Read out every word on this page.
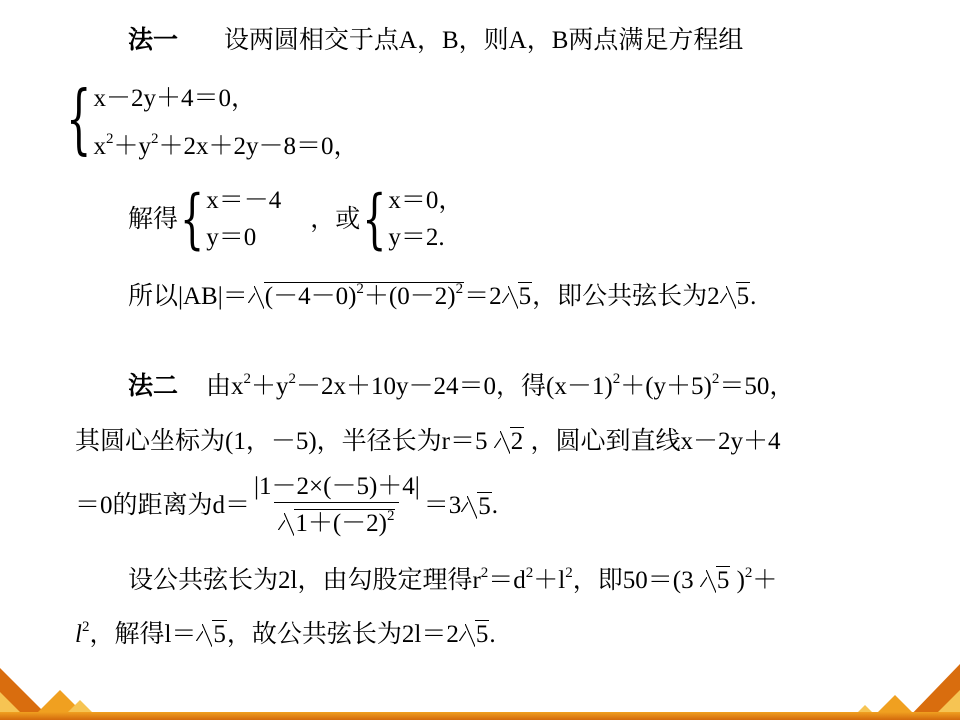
法一 设两圆相交于点A，B，则A，B两点满足方程组
{ x－2y＋4＝0，
$x^2+y^2+2x+2y-8=0$，
解得 { x＝－4
y＝0
，或 { x＝0，
y＝2.
所以$|AB|= (-4-0)^2+(0-2)^2=2$ 5，即公共弦长为2 5.
法二 由$x^2+y^2-2x+10y-24=0$，得$(x-1)^2+(y+5)^2=50$，
其圆心坐标为(1，－5)，半径长为r＝5 2 ，圆心到直线x－2y＋4
＝0的距离为$d= \frac{|1-2\times(-5)+4|}{1+(-2)^2} =3$ 5 .
设公共弦长为2l，由勾股定理得$r^2=d^2+l^2$，即50＝(3 5 )$^2$＋
$l^2$，解得l＝ 5，故公共弦长为2l＝2 5.
